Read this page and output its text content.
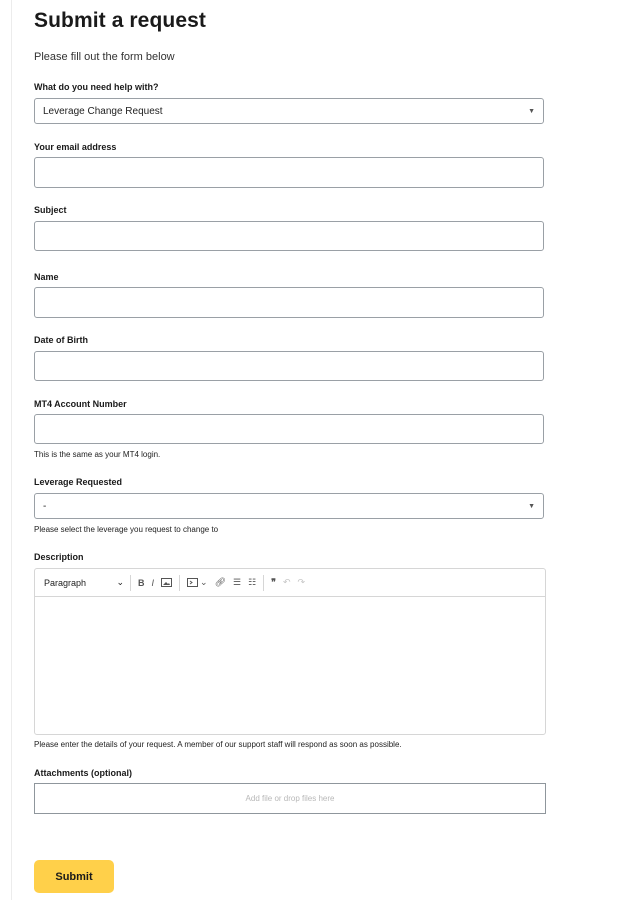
Submit a request
Please fill out the form below
What do you need help with?
Leverage Change Request	▼
Your email address
Subject
Name
Date of Birth
MT4 Account Number
This is the same as your MT4 login.
Leverage Requested
-	▼
Please select the leverage you request to change to
Description
Paragraph	⌄ B I	⌄ 🔗︎ ☰ ☷ ❞ ↶ ↷
Please enter the details of your request. A member of our support staff will respond as soon as possible.
Attachments (optional)
Add file or drop files here
Submit
